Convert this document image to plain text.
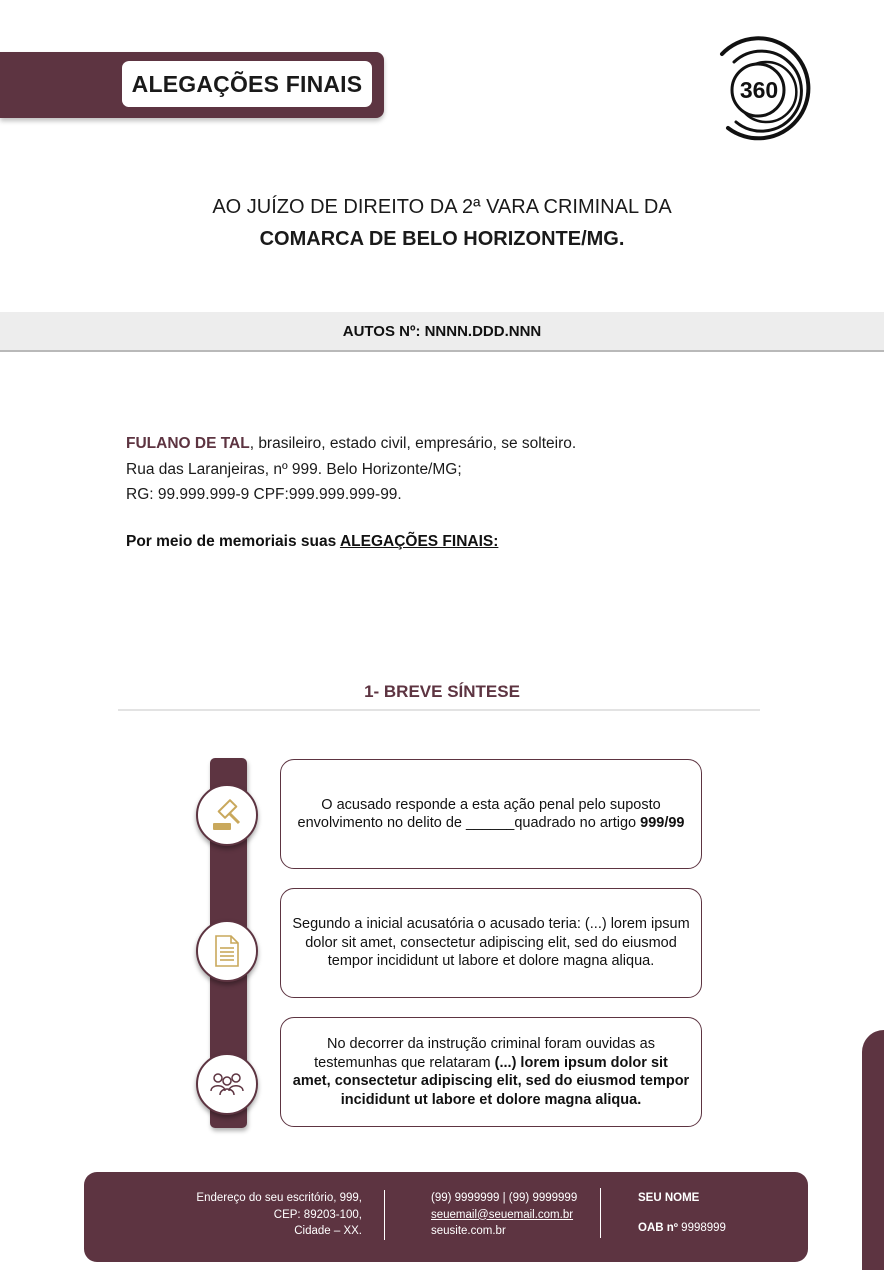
ALEGAÇÕES FINAIS	360
AO JUÍZO DE DIREITO DA 2ª VARA CRIMINAL DA
COMARCA DE BELO HORIZONTE/MG.
AUTOS Nº: NNNN.DDD.NNN
FULANO DE TAL, brasileiro, estado civil, empresário, se solteiro.
Rua das Laranjeiras, nº 999. Belo Horizonte/MG;
RG: 99.999.999-9 CPF:999.999.999-99.
Por meio de memoriais suas ALEGAÇÕES FINAIS:
1- BREVE SÍNTESE
O acusado responde a esta ação penal pelo suposto
envolvimento no delito de ______quadrado no artigo 999/99
Segundo a inicial acusatória o acusado teria: (...) lorem ipsum
dolor sit amet, consectetur adipiscing elit, sed do eiusmod
tempor incididunt ut labore et dolore magna aliqua.
No decorrer da instrução criminal foram ouvidas as
testemunhas que relataram (...) lorem ipsum dolor sit
amet, consectetur adipiscing elit, sed do eiusmod tempor
incididunt ut labore et dolore magna aliqua.
Endereço do seu escritório, 999,
CEP: 89203-100,
Cidade – XX.
(99) 9999999 | (99) 9999999
seuemail@seuemail.com.br
seusite.com.br
SEU NOME
OAB nº 9998999
